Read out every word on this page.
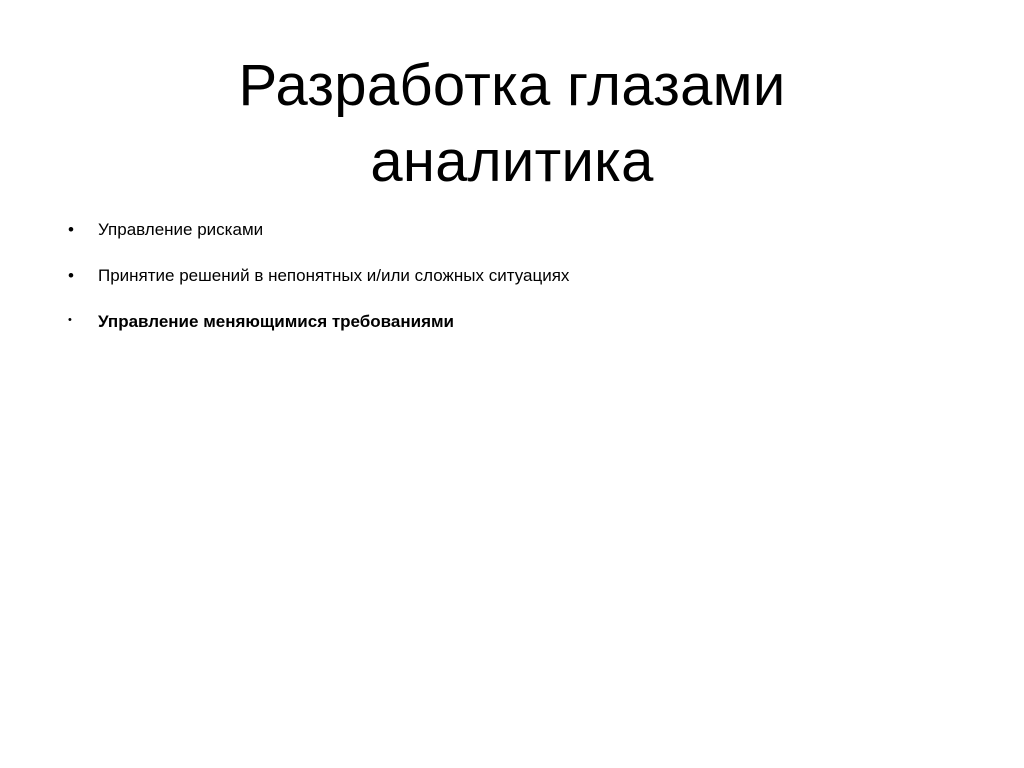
Разработка глазами
аналитика
•	Управление рисками
•	Принятие решений в непонятных и/или сложных ситуациях
•	Управление меняющимися требованиями
